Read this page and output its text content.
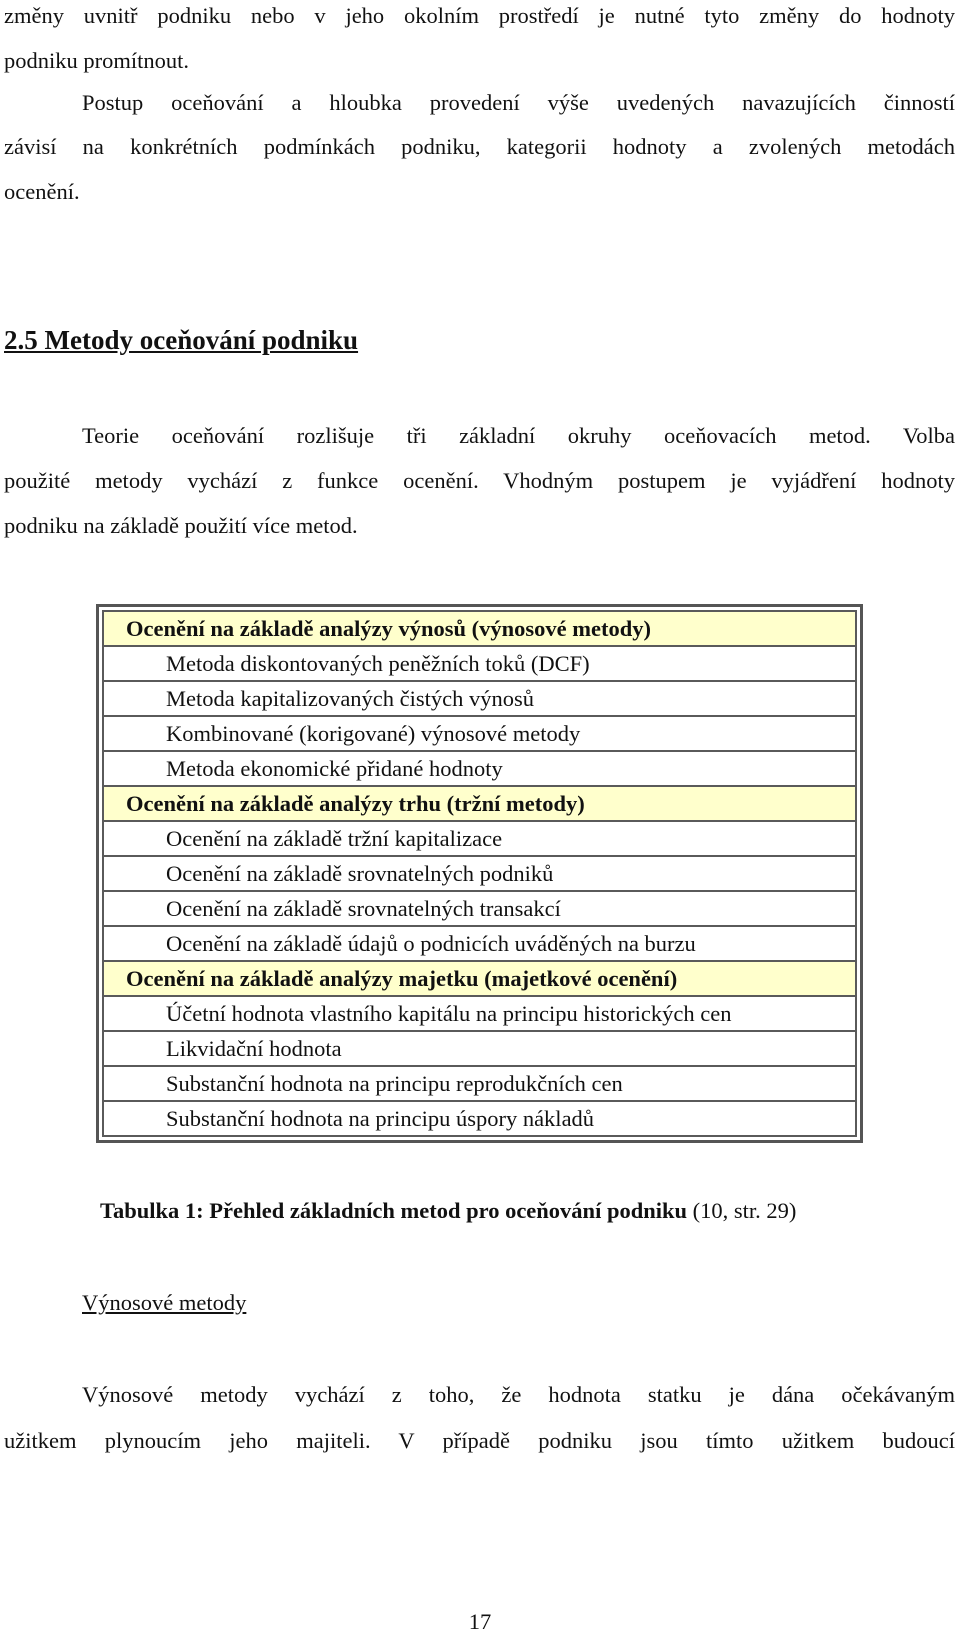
změny uvnitř podniku nebo v jeho okolním prostředí je nutné tyto změny do hodnoty
podniku promítnout.
Postup oceňování a hloubka provedení výše uvedených navazujících činností
závisí na konkrétních podmínkách podniku, kategorii hodnoty a zvolených metodách
ocenění.
2.5 Metody oceňování podniku
Teorie oceňování rozlišuje tři základní okruhy oceňovacích metod. Volba
použité metody vychází z funkce ocenění. Vhodným postupem je vyjádření hodnoty
podniku na základě použití více metod.
Ocenění na základě analýzy výnosů (výnosové metody)
Metoda diskontovaných peněžních toků (DCF)
Metoda kapitalizovaných čistých výnosů
Kombinované (korigované) výnosové metody
Metoda ekonomické přidané hodnoty
Ocenění na základě analýzy trhu (tržní metody)
Ocenění na základě tržní kapitalizace
Ocenění na základě srovnatelných podniků
Ocenění na základě srovnatelných transakcí
Ocenění na základě údajů o podnicích uváděných na burzu
Ocenění na základě analýzy majetku (majetkové ocenění)
Účetní hodnota vlastního kapitálu na principu historických cen
Likvidační hodnota
Substanční hodnota na principu reprodukčních cen
Substanční hodnota na principu úspory nákladů
Tabulka 1: Přehled základních metod pro oceňování podniku (10, str. 29)
Výnosové metody
Výnosové metody vychází z toho, že hodnota statku je dána očekávaným
užitkem plynoucím jeho majiteli. V případě podniku jsou tímto užitkem budoucí
17
